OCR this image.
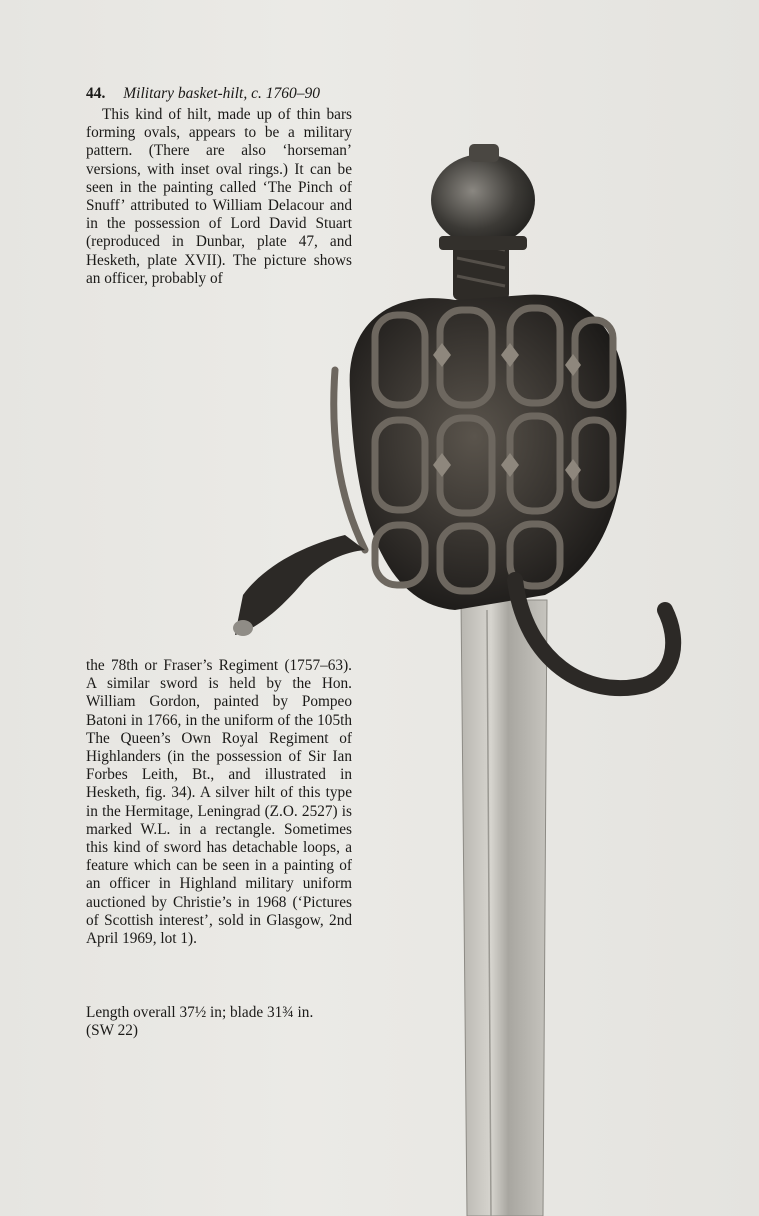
44. Military basket-hilt, c. 1760–90

This kind of hilt, made up of thin bars forming ovals, appears to be a military pattern. (There are also ‘horseman’ versions, with inset oval rings.) It can be seen in the painting called ‘The Pinch of Snuff’ attributed to William Delacour and in the possession of Lord David Stuart (reproduced in Dunbar, plate 47, and Hesketh, plate XVII). The picture shows an officer, probably of

the 78th or Fraser’s Regiment (1757–63). A similar sword is held by the Hon. William Gordon, painted by Pompeo Batoni in 1766, in the uniform of the 105th The Queen’s Own Royal Regiment of Highlanders (in the possession of Sir Ian Forbes Leith, Bt., and illustrated in Hesketh, fig. 34). A silver hilt of this type in the Hermitage, Leningrad (Z.O. 2527) is marked W.L. in a rectangle. Sometimes this kind of sword has detachable loops, a feature which can be seen in a painting of an officer in Highland military uniform auctioned by Christie’s in 1968 (‘Pictures of Scottish interest’, sold in Glasgow, 2nd April 1969, lot 1).

Length overall 37½ in; blade 31¾ in.
(SW 22)
